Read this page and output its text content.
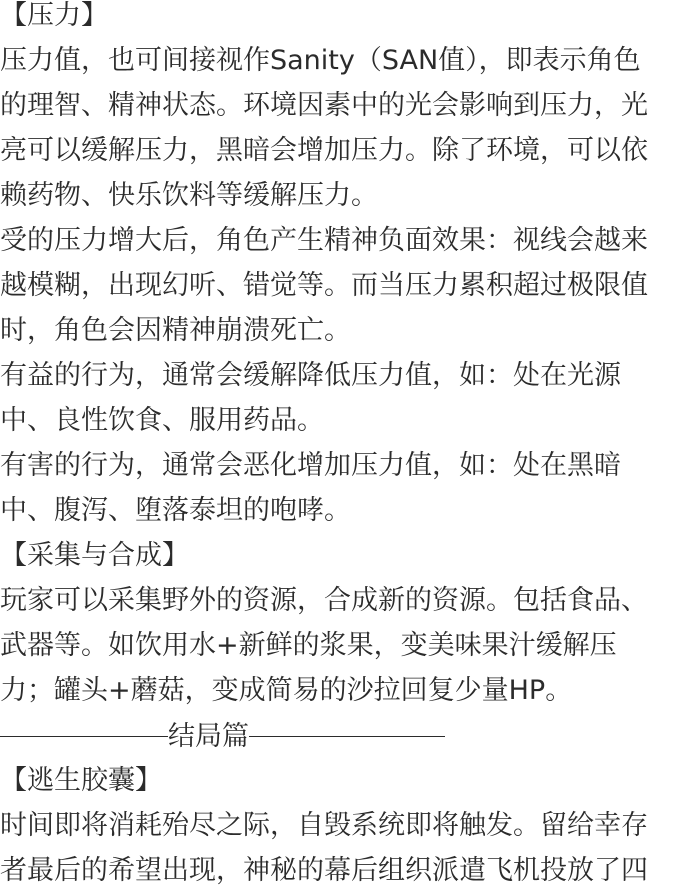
【压力】

压力值，也可间接视作Sanity（SAN值），即表示角色

的理智、精神状态。环境因素中的光会影响到压力，光

亮可以缓解压力，黑暗会增加压力。除了环境，可以依

赖药物、快乐饮料等缓解压力。

受的压力增大后，角色产生精神负面效果：视线会越来

越模糊，出现幻听、错觉等。而当压力累积超过极限值

时，角色会因精神崩溃死亡。

有益的行为，通常会缓解降低压力值，如：处在光源

中、良性饮食、服用药品。

有害的行为，通常会恶化增加压力值，如：处在黑暗

中、腹泻、堕落泰坦的咆哮。

【采集与合成】

玩家可以采集野外的资源，合成新的资源。包括食品、

武器等。如饮用水+新鲜的浆果，变美味果汁缓解压

力；罐头+蘑菇，变成简易的沙拉回复少量HP。

结局篇

【逃生胶囊】

时间即将消耗殆尽之际，自毁系统即将触发。留给幸存

者最后的希望出现，神秘的幕后组织派遣飞机投放了四
